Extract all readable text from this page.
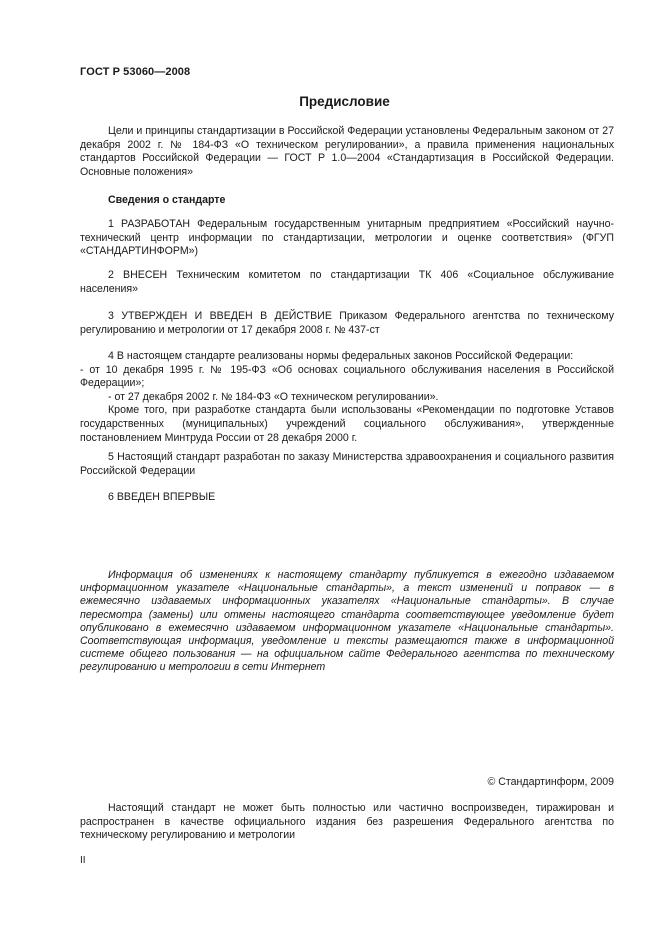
ГОСТ Р 53060—2008
Предисловие

Цели и принципы стандартизации в Российской Федерации установлены Федеральным законом от 27 декабря 2002 г. № 184-ФЗ «О техническом регулировании», а правила применения национальных стандартов Российской Федерации — ГОСТ Р 1.0—2004 «Стандартизация в Российской Федерации. Основные положения»

Сведения о стандарте

1 РАЗРАБОТАН Федеральным государственным унитарным предприятием «Российский научно-технический центр информации по стандартизации, метрологии и оценке соответствия» (ФГУП «СТАНДАРТИНФОРМ»)

2 ВНЕСЕН Техническим комитетом по стандартизации ТК 406 «Социальное обслуживание населения»

3 УТВЕРЖДЕН И ВВЕДЕН В ДЕЙСТВИЕ Приказом Федерального агентства по техническому регулированию и метрологии от 17 декабря 2008 г. № 437-ст

4 В настоящем стандарте реализованы нормы федеральных законов Российской Федерации:

- от 10 декабря 1995 г. № 195-ФЗ «Об основах социального обслуживания населения в Российской Федерации»;

- от 27 декабря 2002 г. № 184-ФЗ «О техническом регулировании».

Кроме того, при разработке стандарта были использованы «Рекомендации по подготовке Уставов государственных (муниципальных) учреждений социального обслуживания», утвержденные постановлением Минтруда России от 28 декабря 2000 г.

5 Настоящий стандарт разработан по заказу Министерства здравоохранения и социального развития Российской Федерации

6 ВВЕДЕН ВПЕРВЫЕ

Информация об изменениях к настоящему стандарту публикуется в ежегодно издаваемом информационном указателе «Национальные стандарты», а текст изменений и поправок — в ежемесячно издаваемых информационных указателях «Национальные стандарты». В случае пересмотра (замены) или отмены настоящего стандарта соответствующее уведомление будет опубликовано в ежемесячно издаваемом информационном указателе «Национальные стандарты». Соответствующая информация, уведомление и тексты размещаются также в информационной системе общего пользования — на официальном сайте Федерального агентства по техническому регулированию и метрологии в сети Интернет

© Стандартинформ, 2009

Настоящий стандарт не может быть полностью или частично воспроизведен, тиражирован и распространен в качестве официального издания без разрешения Федерального агентства по техническому регулированию и метрологии

II
